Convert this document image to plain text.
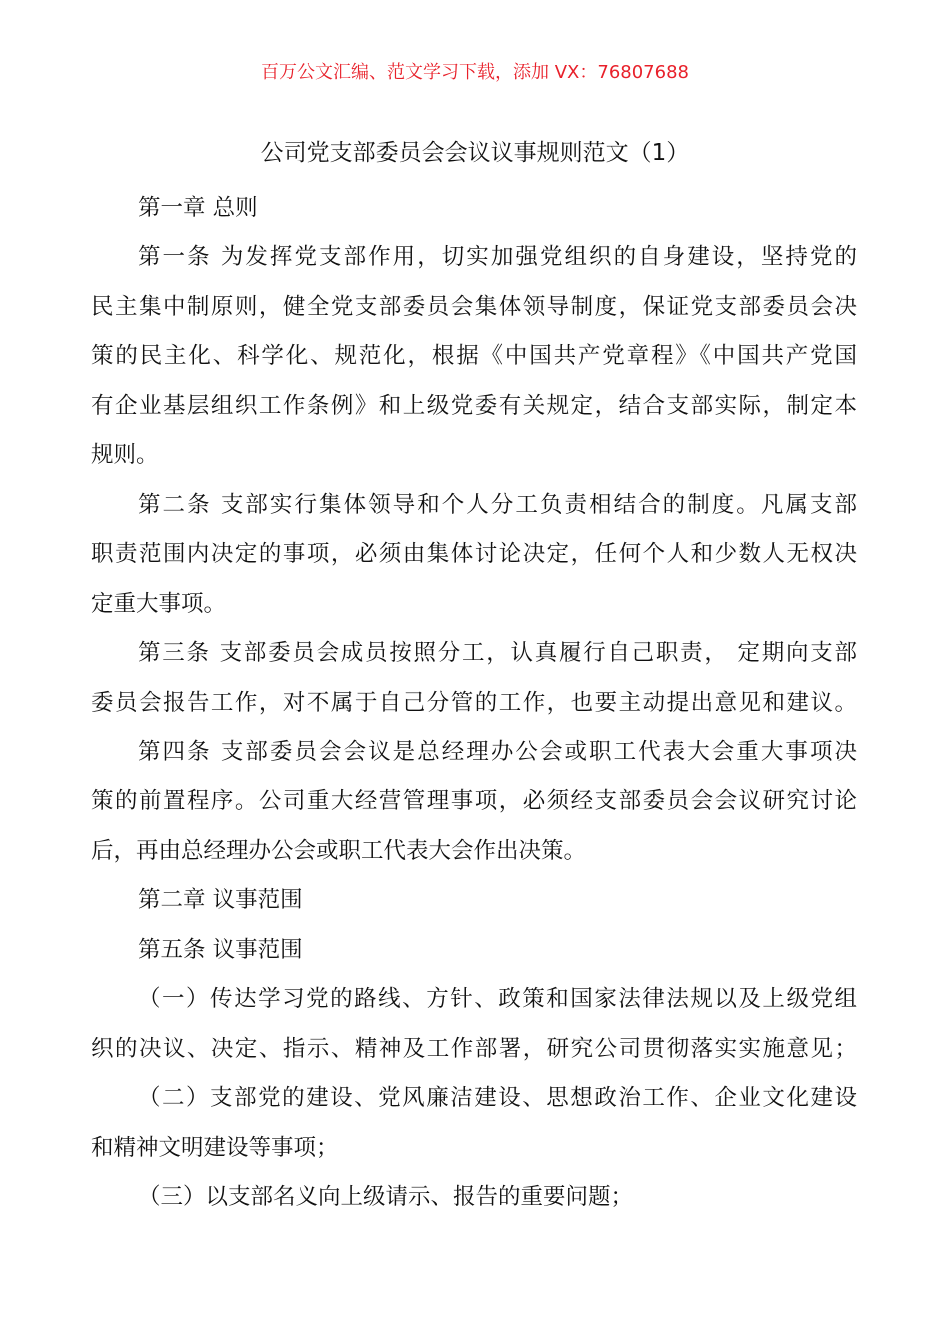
百万公文汇编、范文学习下载，添加 VX：76807688
公司党支部委员会会议议事规则范文（1）
第一章 总则
第一条 为发挥党支部作用，切实加强党组织的自身建设，坚持党的
民主集中制原则，健全党支部委员会集体领导制度，保证党支部委员会决
策的民主化、科学化、规范化，根据《中国共产党章程》《中国共产党国
有企业基层组织工作条例》和上级党委有关规定，结合支部实际，制定本
规则。
第二条 支部实行集体领导和个人分工负责相结合的制度。凡属支部
职责范围内决定的事项，必须由集体讨论决定，任何个人和少数人无权决
定重大事项。
第三条 支部委员会成员按照分工，认真履行自己职责， 定期向支部
委员会报告工作，对不属于自己分管的工作，也要主动提出意见和建议。
第四条 支部委员会会议是总经理办公会或职工代表大会重大事项决
策的前置程序。公司重大经营管理事项，必须经支部委员会会议研究讨论
后，再由总经理办公会或职工代表大会作出决策。
第二章 议事范围
第五条 议事范围
（一）传达学习党的路线、方针、政策和国家法律法规以及上级党组
织的决议、决定、指示、精神及工作部署，研究公司贯彻落实实施意见；
（二）支部党的建设、党风廉洁建设、思想政治工作、企业文化建设
和精神文明建设等事项；
（三）以支部名义向上级请示、报告的重要问题；
